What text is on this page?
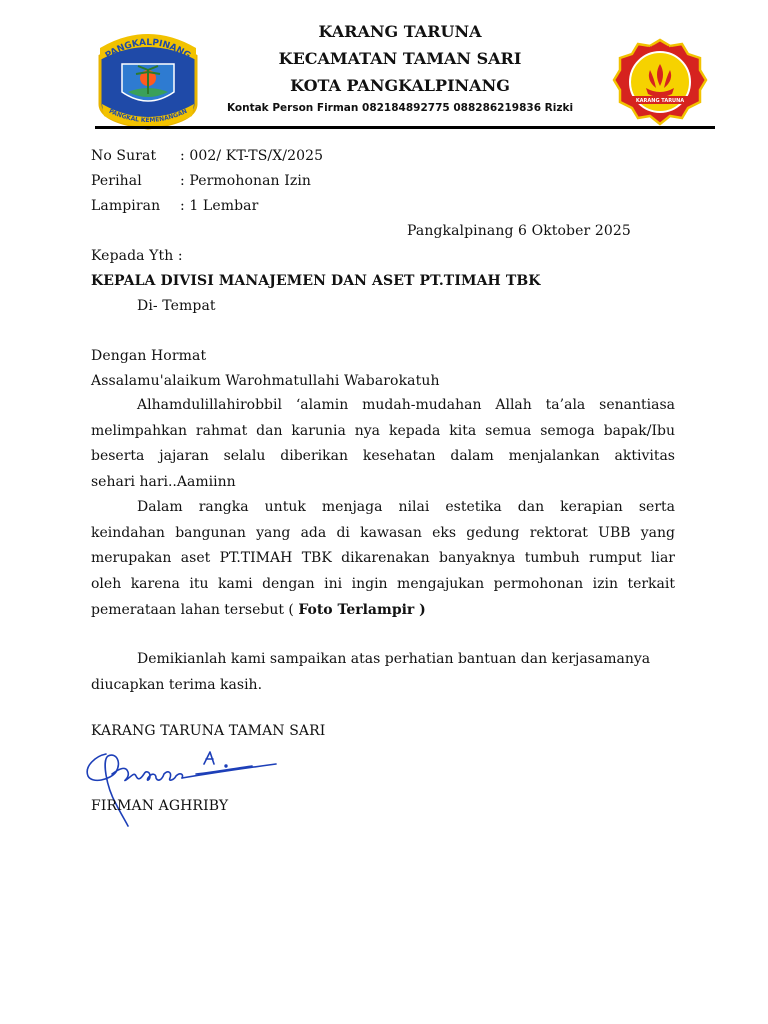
PANGKALPINANG
PANGKAL KEMENANGAN
KARANG TARUNA
KECAMATAN TAMAN SARI
KOTA PANGKALPINANG
Kontak Person Firman 082184892775 088286219836 Rizki
ADITYA KARYA MAHATVA YODHA
KARANG TARUNA
No Surat : 002/ KT-TS/X/2025
Perihal	: Permohonan Izin
Lampiran : 1 Lembar
Pangkalpinang 6 Oktober 2025
Kepada Yth :
KEPALA DIVISI MANAJEMEN DAN ASET PT.TIMAH TBK
Di- Tempat
Dengan Hormat
Assalamu'alaikum Warohmatullahi Wabarokatuh
Alhamdulillahirobbil ‘alamin mudah-mudahan Allah ta’ala senantiasa
melimpahkan rahmat dan karunia nya kepada kita semua semoga bapak/Ibu
beserta jajaran selalu diberikan kesehatan dalam menjalankan aktivitas
sehari hari..Aamiinn
Dalam rangka untuk menjaga nilai estetika dan kerapian serta
keindahan bangunan yang ada di kawasan eks gedung rektorat UBB yang
merupakan aset PT.TIMAH TBK dikarenakan banyaknya tumbuh rumput liar
oleh karena itu kami dengan ini ingin mengajukan permohonan izin terkait
pemerataan lahan tersebut ( Foto Terlampir )
Demikianlah kami sampaikan atas perhatian bantuan dan kerjasamanya
diucapkan terima kasih.
KARANG TARUNA TAMAN SARI
FIRMAN AGHRIBY
